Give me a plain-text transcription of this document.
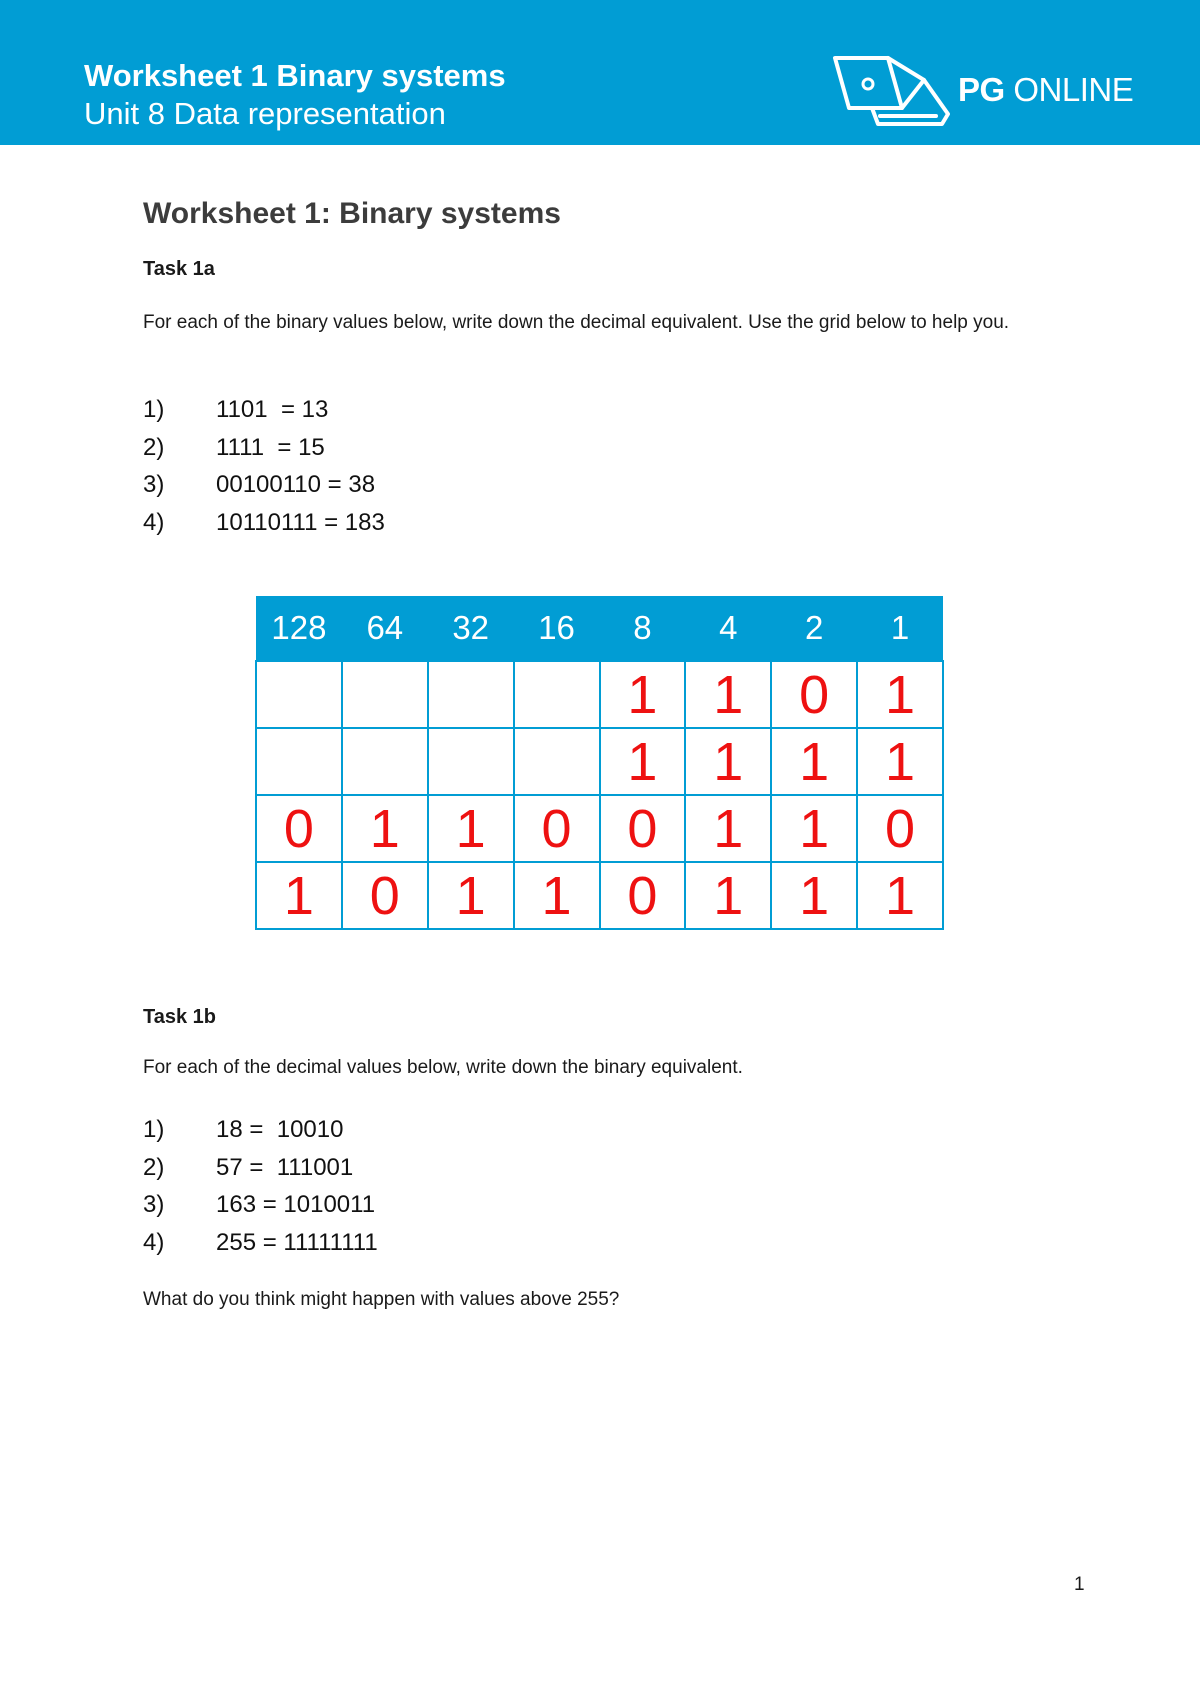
Worksheet 1 Binary systems
Unit 8 Data representation
PG ONLINE
Worksheet 1: Binary systems
Task 1a

For each of the binary values below, write down the decimal equivalent. Use the grid below to help you.

1) 1101  = 13
2) 1111  = 15
3) 00100110 = 38
4) 10110111 = 183
128	64	32	16	8	4	2	1
				1	1	0	1
				1	1	1	1
0	1	1	0	0	1	1	0
1	0	1	1	0	1	1	1
Task 1b

For each of the decimal values below, write down the binary equivalent.

1) 18 =  10010
2) 57 =  111001
3) 163 = 1010011
4) 255 = 11111111

What do you think might happen with values above 255?

1
